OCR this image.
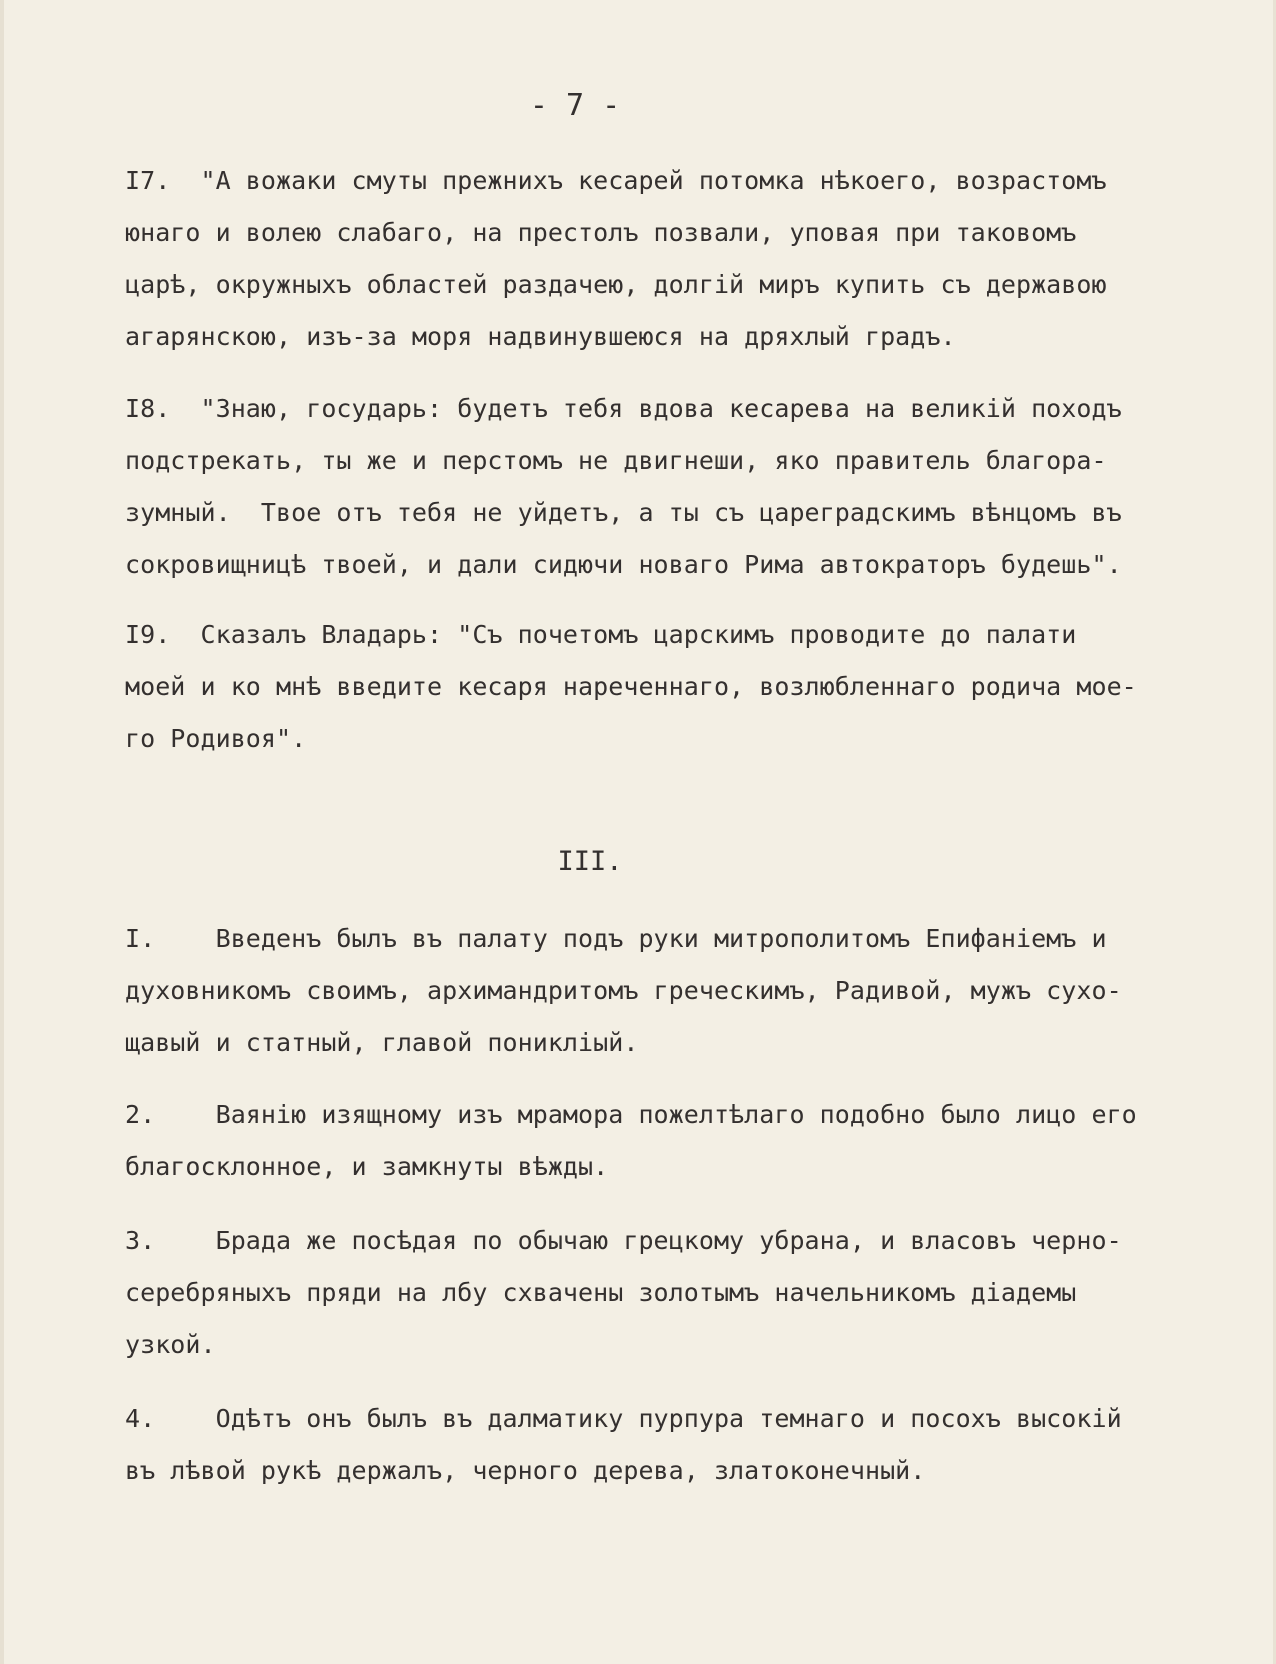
- 7 -
I7.  "А вожаки смуты прежнихъ кесарей потомка нѣкоего, возрастомъ
юнаго и волею слабаго, на престолъ позвали, уповая при таковомъ
царѣ, окружныхъ областей раздачею, долгій миръ купить съ державою
агарянскою, изъ-за моря надвинувшеюся на дряхлый градъ.
I8.  "Знаю, государь: будетъ тебя вдова кесарева на великій походъ
подстрекать, ты же и перстомъ не двигнеши, яко правитель благора-
зумный.  Твое отъ тебя не уйдетъ, а ты съ цареградскимъ вѣнцомъ въ
сокровищницѣ твоей, и дали сидючи новаго Рима автократоръ будешь".
I9.  Сказалъ Владарь: "Съ почетомъ царскимъ проводите до палати
моей и ко мнѣ введите кесаря нареченнаго, возлюбленнаго родича мое-
го Родивоя".
III.
I.    Введенъ былъ въ палату подъ руки митрополитомъ Епифаніемъ и
духовникомъ своимъ, архимандритомъ греческимъ, Радивой, мужъ сухо-
щавый и статный, главой поникліый.
2.    Ваянію изящному изъ мрамора пожелтѣлаго подобно было лицо его
благосклонное, и замкнуты вѣжды.
3.    Брада же посѣдая по обычаю грецкому убрана, и власовъ черно-
серебряныхъ пряди на лбу схвачены золотымъ начельникомъ діадемы
узкой.
4.    Одѣтъ онъ былъ въ далматику пурпура темнаго и посохъ высокій
въ лѣвой рукѣ держалъ, черного дерева, златоконечный.
